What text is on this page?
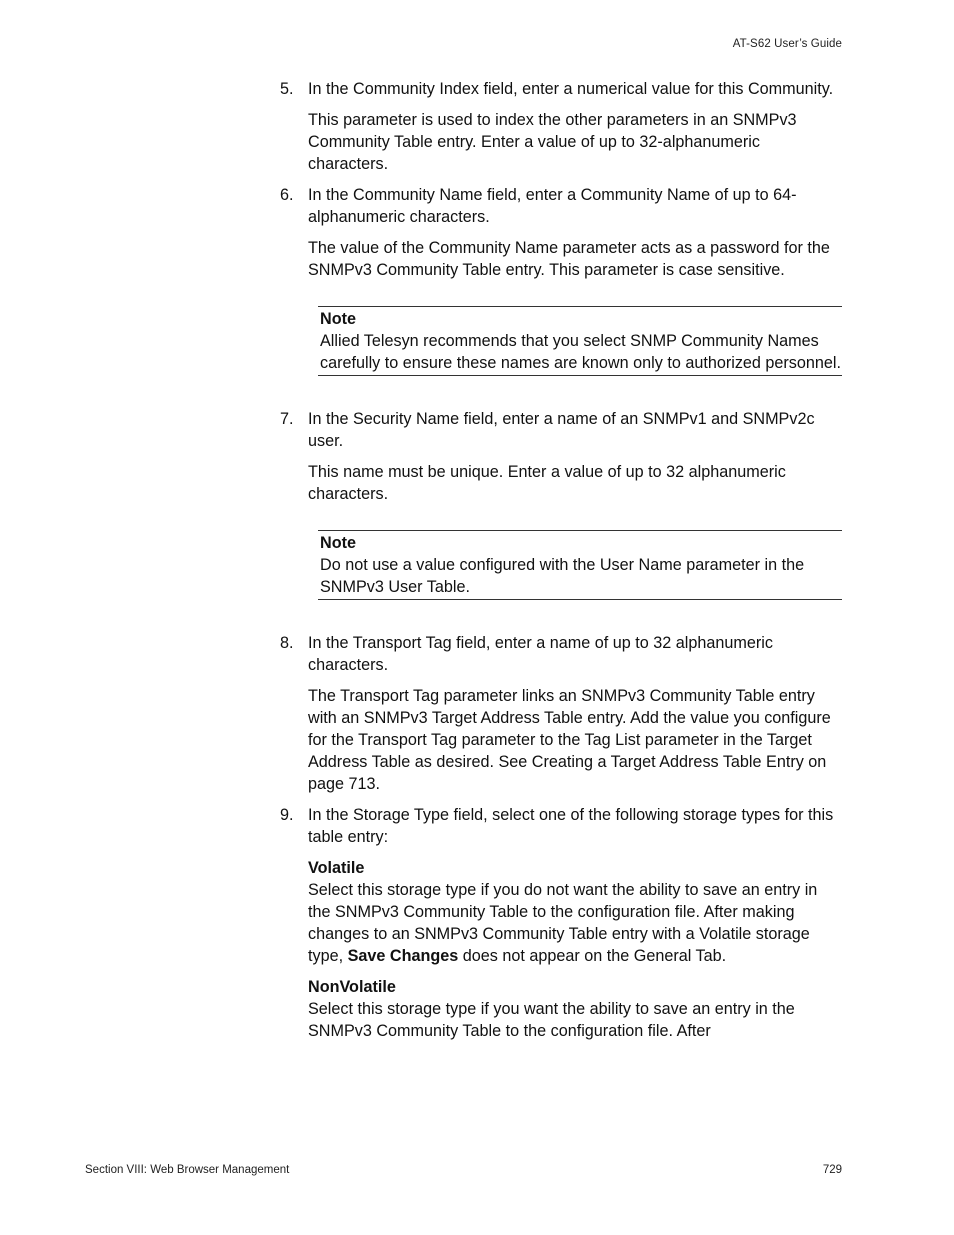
AT-S62 User’s Guide
5. In the Community Index field, enter a numerical value for this Community.
This parameter is used to index the other parameters in an SNMPv3 Community Table entry. Enter a value of up to 32-alphanumeric characters.
6. In the Community Name field, enter a Community Name of up to 64-alphanumeric characters.
The value of the Community Name parameter acts as a password for the SNMPv3 Community Table entry. This parameter is case sensitive.
Note
Allied Telesyn recommends that you select SNMP Community Names carefully to ensure these names are known only to authorized personnel.
7. In the Security Name field, enter a name of an SNMPv1 and SNMPv2c user.
This name must be unique. Enter a value of up to 32 alphanumeric characters.
Note
Do not use a value configured with the User Name parameter in the SNMPv3 User Table.
8. In the Transport Tag field, enter a name of up to 32 alphanumeric characters.
The Transport Tag parameter links an SNMPv3 Community Table entry with an SNMPv3 Target Address Table entry. Add the value you configure for the Transport Tag parameter to the Tag List parameter in the Target Address Table as desired. See Creating a Target Address Table Entry on page 713.
9. In the Storage Type field, select one of the following storage types for this table entry:
Volatile
Select this storage type if you do not want the ability to save an entry in the SNMPv3 Community Table to the configuration file. After making changes to an SNMPv3 Community Table entry with a Volatile storage type, Save Changes does not appear on the General Tab.
NonVolatile
Select this storage type if you want the ability to save an entry in the SNMPv3 Community Table to the configuration file. After
Section VIII: Web Browser Management	729
